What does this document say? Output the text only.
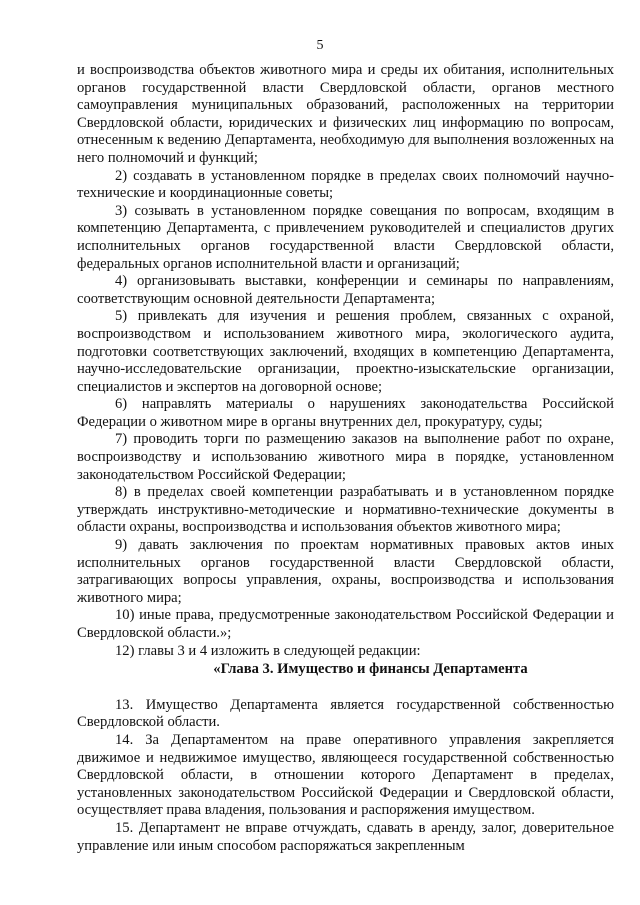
5

и воспроизводства объектов животного мира и среды их обитания, исполнительных органов государственной власти Свердловской области, органов местного самоуправления муниципальных образований, расположенных на территории Свердловской области, юридических и физических лиц информацию по вопросам, отнесенным к ведению Департамента, необходимую для выполнения возложенных на него полномочий и функций;

2) создавать в установленном порядке в пределах своих полномочий научно-технические и координационные советы;

3) созывать в установленном порядке совещания по вопросам, входящим в компетенцию Департамента, с привлечением руководителей и специалистов других исполнительных органов государственной власти Свердловской области, федеральных органов исполнительной власти и организаций;

4) организовывать выставки, конференции и семинары по направлениям, соответствующим основной деятельности Департамента;

5) привлекать для изучения и решения проблем, связанных с охраной, воспроизводством и использованием животного мира, экологического аудита, подготовки соответствующих заключений, входящих в компетенцию Департамента, научно-исследовательские организации, проектно-изыскательские организации, специалистов и экспертов на договорной основе;

6) направлять материалы о нарушениях законодательства Российской Федерации о животном мире в органы внутренних дел, прокуратуру, суды;

7) проводить торги по размещению заказов на выполнение работ по охране, воспроизводству и использованию животного мира в порядке, установленном законодательством Российской Федерации;

8) в пределах своей компетенции разрабатывать и в установленном порядке утверждать инструктивно-методические и нормативно-технические документы в области охраны, воспроизводства и использования объектов животного мира;

9) давать заключения по проектам нормативных правовых актов иных исполнительных органов государственной власти Свердловской области, затрагивающих вопросы управления, охраны, воспроизводства и использования животного мира;

10) иные права, предусмотренные законодательством Российской Федерации и Свердловской области.»;

12) главы 3 и 4 изложить в следующей редакции:

«Глава 3. Имущество и финансы Департамента

13. Имущество Департамента является государственной собственностью Свердловской области.

14. За Департаментом на праве оперативного управления закрепляется движимое и недвижимое имущество, являющееся государственной собственностью Свердловской области, в отношении которого Департамент в пределах, установленных законодательством Российской Федерации и Свердловской области, осуществляет права владения, пользования и распоряжения имуществом.

15. Департамент не вправе отчуждать, сдавать в аренду, залог, доверительное управление или иным способом распоряжаться закрепленным
